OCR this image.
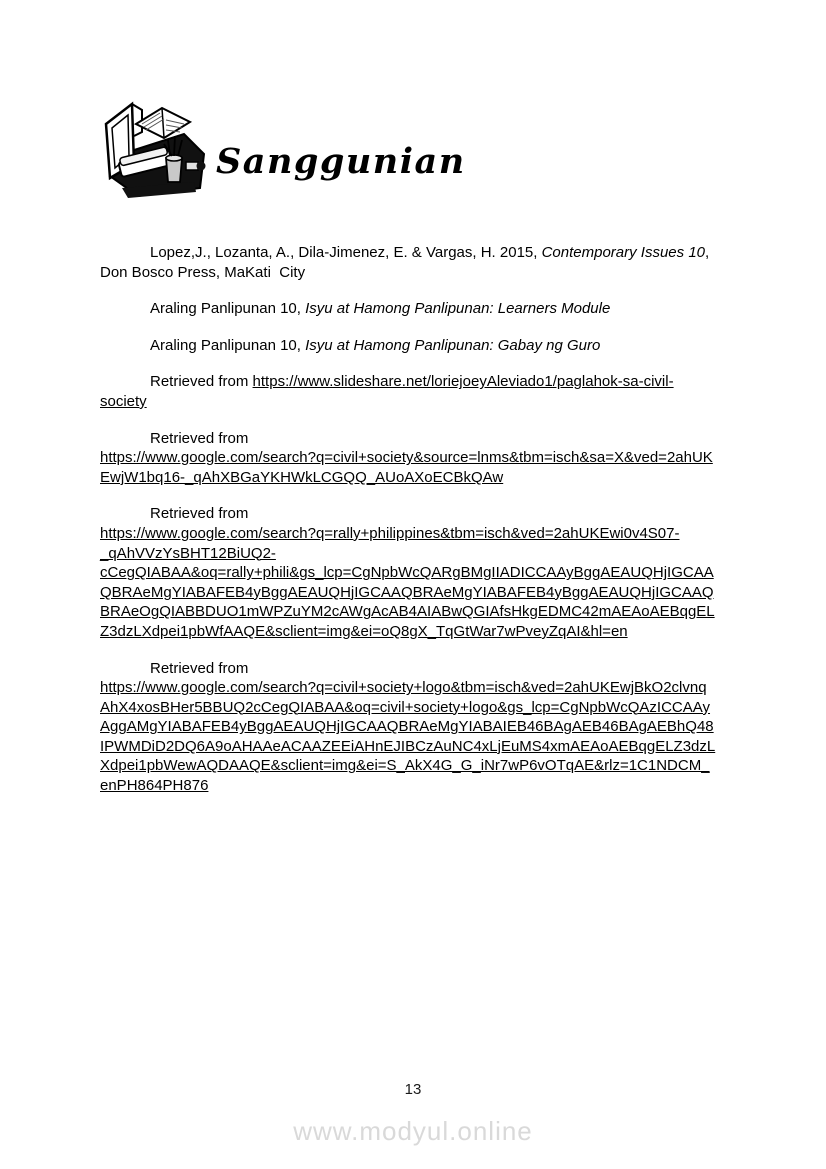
Sanggunian
Lopez,J., Lozanta, A., Dila-Jimenez, E. & Vargas, H. 2015, Contemporary Issues 10,
Don Bosco Press, MaKati  City
Araling Panlipunan 10, Isyu at Hamong Panlipunan: Learners Module
Araling Panlipunan 10, Isyu at Hamong Panlipunan: Gabay ng Guro
Retrieved from https://www.slideshare.net/loriejoeyAleviado1/paglahok-sa-civil-
society
Retrieved from
https://www.google.com/search?q=civil+society&source=lnms&tbm=isch&sa=X&ved=2ahUK
EwjW1bq16-_qAhXBGaYKHWkLCGQQ_AUoAXoECBkQAw
Retrieved from
https://www.google.com/search?q=rally+philippines&tbm=isch&ved=2ahUKEwi0v4S07-
_qAhVVzYsBHT12BiUQ2-
cCegQIABAA&oq=rally+phili&gs_lcp=CgNpbWcQARgBMgIIADICCAAyBggAEAUQHjIGCAA
QBRAeMgYIABAFEB4yBggAEAUQHjIGCAAQBRAeMgYIABAFEB4yBggAEAUQHjIGCAAQ
BRAeOgQIABBDUO1mWPZuYM2cAWgAcAB4AIABwQGIAfsHkgEDMC42mAEAoAEBqgEL
Z3dzLXdpei1pbWfAAQE&sclient=img&ei=oQ8gX_TqGtWar7wPveyZqAI&hl=en
Retrieved from
https://www.google.com/search?q=civil+society+logo&tbm=isch&ved=2ahUKEwjBkO2clvnq
AhX4xosBHer5BBUQ2cCegQIABAA&oq=civil+society+logo&gs_lcp=CgNpbWcQAzICCAAy
AggAMgYIABAFEB4yBggAEAUQHjIGCAAQBRAeMgYIABAIEB46BAgAEB46BAgAEBhQ48
IPWMDiD2DQ6A9oAHAAeACAAZEEiAHnEJIBCzAuNC4xLjEuMS4xmAEAoAEBqgELZ3dzL
Xdpei1pbWewAQDAAQE&sclient=img&ei=S_AkX4G_G_iNr7wP6vOTqAE&rlz=1C1NDCM_
enPH864PH876
13
www.modyul.online
